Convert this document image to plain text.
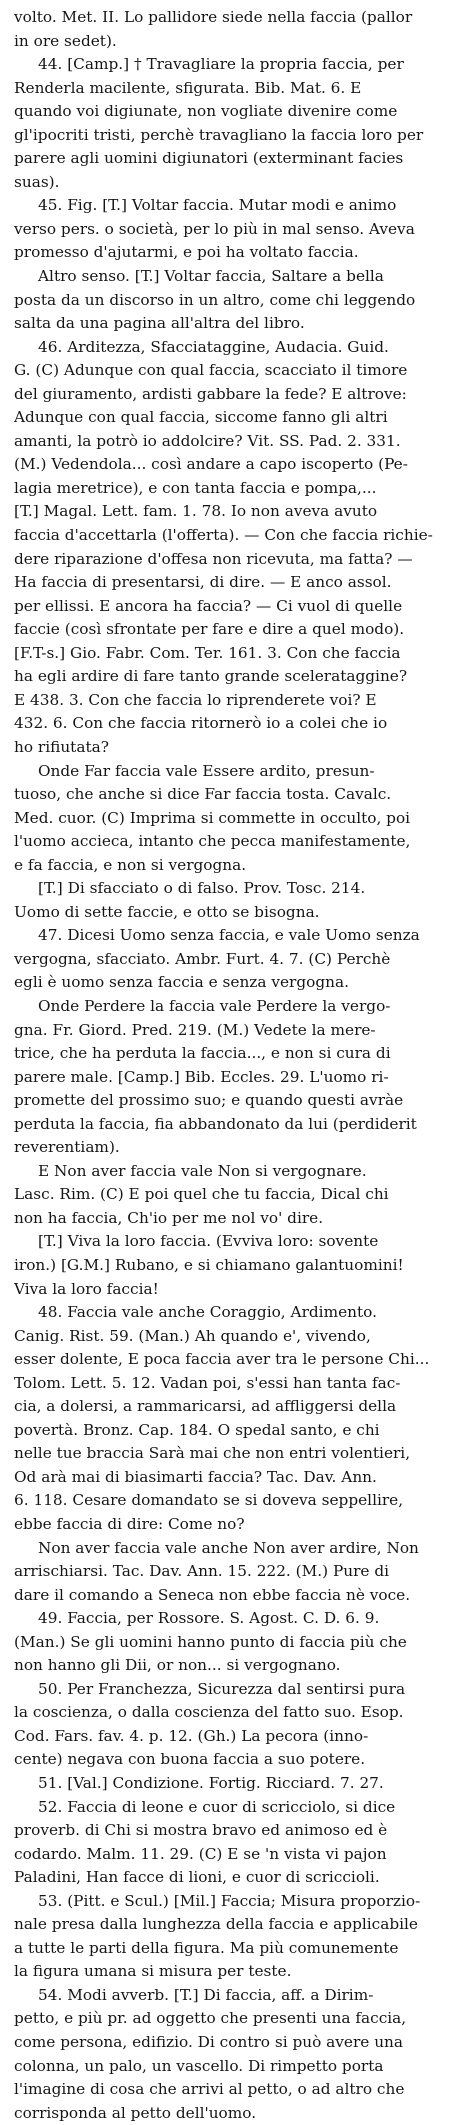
volto. Met. II. Lo pallidore siede nella faccia (pallor
in ore sedet).
44. [Camp.] † Travagliare la propria faccia, per
Renderla macilente, sfigurata. Bib. Mat. 6. E
quando voi digiunate, non vogliate divenire come
gl'ipocriti tristi, perchè travagliano la faccia loro per
parere agli uomini digiunatori (exterminant facies
suas).
45. Fig. [T.] Voltar faccia. Mutar modi e animo
verso pers. o società, per lo più in mal senso. Aveva
promesso d'ajutarmi, e poi ha voltato faccia.
Altro senso. [T.] Voltar faccia, Saltare a bella
posta da un discorso in un altro, come chi leggendo
salta da una pagina all'altra del libro.
46. Arditezza, Sfacciataggine, Audacia. Guid.
G. (C) Adunque con qual faccia, scacciato il timore
del giuramento, ardisti gabbare la fede? E altrove:
Adunque con qual faccia, siccome fanno gli altri
amanti, la potrò io addolcire? Vit. SS. Pad. 2. 331.
(M.) Vedendola... così andare a capo iscoperto (Pe-
lagia meretrice), e con tanta faccia e pompa,...
[T.] Magal. Lett. fam. 1. 78. Io non aveva avuto
faccia d'accettarla (l'offerta). — Con che faccia richie-
dere riparazione d'offesa non ricevuta, ma fatta? —
Ha faccia di presentarsi, di dire. — E anco assol.
per ellissi. E ancora ha faccia? — Ci vuol di quelle
faccie (così sfrontate per fare e dire a quel modo).
[F.T-s.] Gio. Fabr. Com. Ter. 161. 3. Con che faccia
ha egli ardire di fare tanto grande scelerataggine?
E 438. 3. Con che faccia lo riprenderete voi? E
432. 6. Con che faccia ritornerò io a colei che io
ho rifiutata?
Onde Far faccia vale Essere ardito, presun-
tuoso, che anche si dice Far faccia tosta. Cavalc.
Med. cuor. (C) Imprima si commette in occulto, poi
l'uomo accieca, intanto che pecca manifestamente,
e fa faccia, e non si vergogna.
[T.] Di sfacciato o di falso. Prov. Tosc. 214.
Uomo di sette faccie, e otto se bisogna.
47. Dicesi Uomo senza faccia, e vale Uomo senza
vergogna, sfacciato. Ambr. Furt. 4. 7. (C) Perchè
egli è uomo senza faccia e senza vergogna.
Onde Perdere la faccia vale Perdere la vergo-
gna. Fr. Giord. Pred. 219. (M.) Vedete la mere-
trice, che ha perduta la faccia..., e non si cura di
parere male. [Camp.] Bib. Eccles. 29. L'uomo ri-
promette del prossimo suo; e quando questi avràe
perduta la faccia, fia abbandonato da lui (perdiderit
reverentiam).
E Non aver faccia vale Non si vergognare.
Lasc. Rim. (C) E poi quel che tu faccia, Dical chi
non ha faccia, Ch'io per me nol vo' dire.
[T.] Viva la loro faccia. (Evviva loro: sovente
iron.) [G.M.] Rubano, e si chiamano galantuomini!
Viva la loro faccia!
48. Faccia vale anche Coraggio, Ardimento.
Canig. Rist. 59. (Man.) Ah quando e', vivendo,
esser dolente, E poca faccia aver tra le persone Chi...
Tolom. Lett. 5. 12. Vadan poi, s'essi han tanta fac-
cia, a dolersi, a rammaricarsi, ad affliggersi della
povertà. Bronz. Cap. 184. O spedal santo, e chi
nelle tue braccia Sarà mai che non entri volentieri,
Od arà mai di biasimarti faccia? Tac. Dav. Ann.
6. 118. Cesare domandato se si doveva seppellire,
ebbe faccia di dire: Come no?
Non aver faccia vale anche Non aver ardire, Non
arrischiarsi. Tac. Dav. Ann. 15. 222. (M.) Pure di
dare il comando a Seneca non ebbe faccia nè voce.
49. Faccia, per Rossore. S. Agost. C. D. 6. 9.
(Man.) Se gli uomini hanno punto di faccia più che
non hanno gli Dii, or non... si vergognano.
50. Per Franchezza, Sicurezza dal sentirsi pura
la coscienza, o dalla coscienza del fatto suo. Esop.
Cod. Fars. fav. 4. p. 12. (Gh.) La pecora (inno-
cente) negava con buona faccia a suo potere.
51. [Val.] Condizione. Fortig. Ricciard. 7. 27.
52. Faccia di leone e cuor di scricciolo, si dice
proverb. di Chi si mostra bravo ed animoso ed è
codardo. Malm. 11. 29. (C) E se 'n vista vi pajon
Paladini, Han facce di lioni, e cuor di scriccioli.
53. (Pitt. e Scul.) [Mil.] Faccia; Misura proporzio-
nale presa dalla lunghezza della faccia e applicabile
a tutte le parti della figura. Ma più comunemente
la figura umana si misura per teste.
54. Modi avverb. [T.] Di faccia, aff. a Dirim-
petto, e più pr. ad oggetto che presenti una faccia,
come persona, edifizio. Di contro si può avere una
colonna, un palo, un vascello. Di rimpetto porta
l'imagine di cosa che arrivi al petto, o ad altro che
corrisponda al petto dell'uomo.
